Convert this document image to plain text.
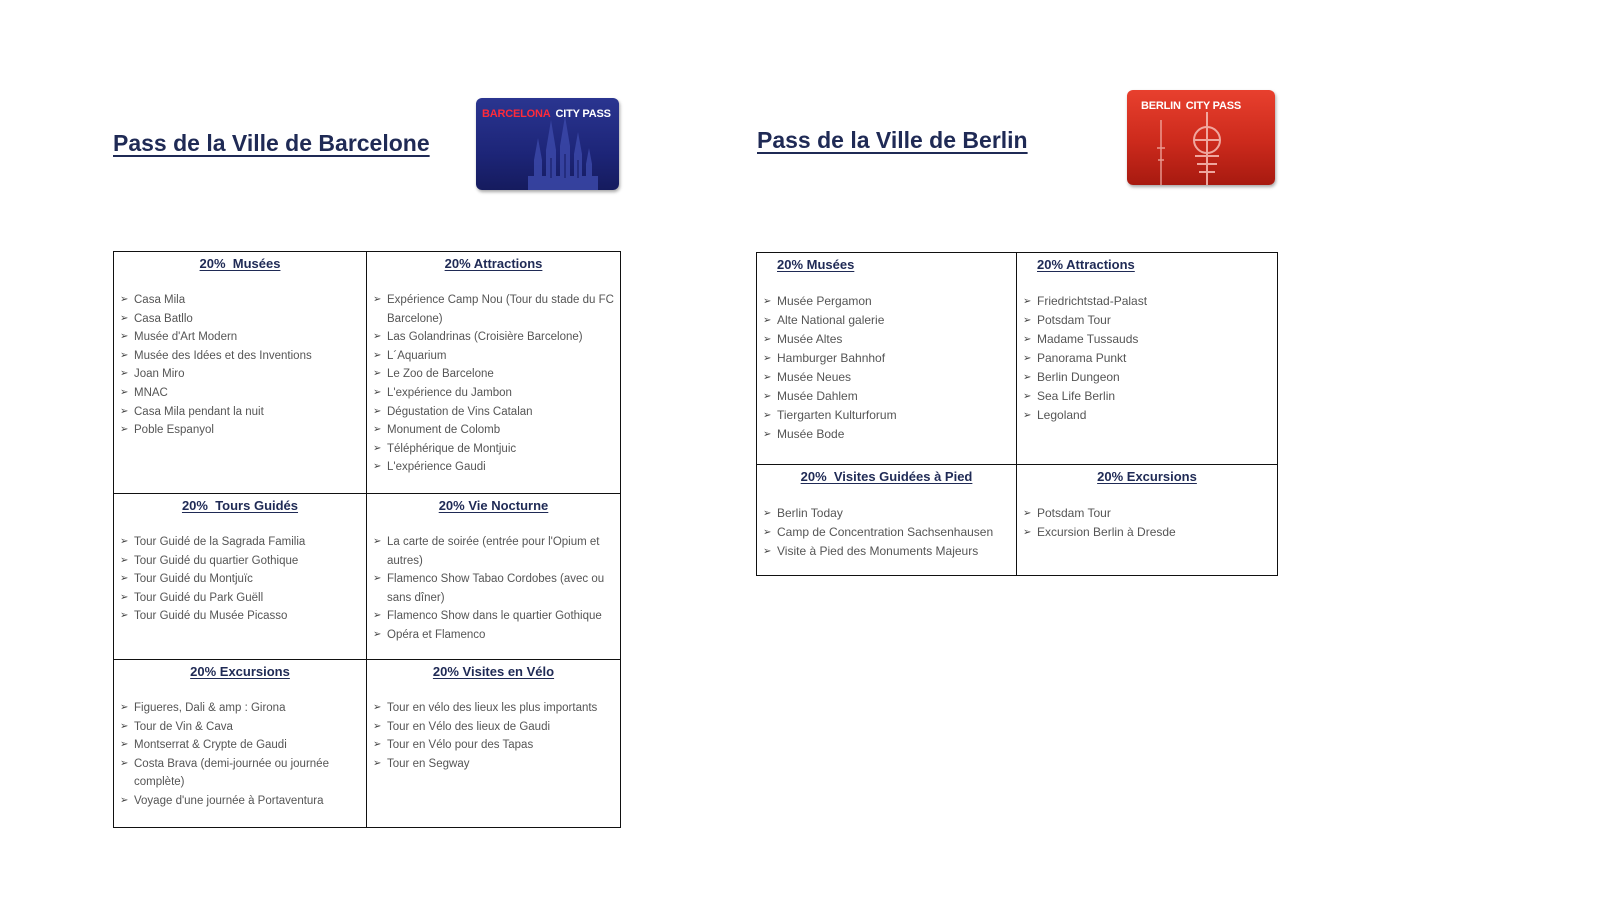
Pass de la Ville de Barcelone
BARCELONA CITY PASS
20%  Musées
➢ Casa Mila
➢ Casa Batllo
➢ Musée d'Art Modern
➢ Musée des Idées et des Inventions
➢ Joan Miro
➢ MNAC
➢ Casa Mila pendant la nuit
➢ Poble Espanyol
20% Attractions
➢ Expérience Camp Nou (Tour du stade du FC Barcelone)
➢ Las Golandrinas (Croisière Barcelone)
➢ L´Aquarium
➢ Le Zoo de Barcelone
➢ L'expérience du Jambon
➢ Dégustation de Vins Catalan
➢ Monument de Colomb
➢ Téléphérique de Montjuic
➢ L'expérience Gaudi
20%  Tours Guidés
➢ Tour Guidé de la Sagrada Familia
➢ Tour Guidé du quartier Gothique
➢ Tour Guidé du Montjuïc
➢ Tour Guidé du Park Guëll
➢ Tour Guidé du Musée Picasso
20% Vie Nocturne
➢ La carte de soirée (entrée pour l'Opium et autres)
➢ Flamenco Show Tabao Cordobes (avec ou sans dîner)
➢ Flamenco Show dans le quartier Gothique
➢ Opéra et Flamenco
20% Excursions
➢ Figueres, Dali & amp : Girona
➢ Tour de Vin & Cava
➢ Montserrat & Crypte de Gaudi
➢ Costa Brava (demi-journée ou journée complète)
➢ Voyage d'une journée à Portaventura
20% Visites en Vélo
➢ Tour en vélo des lieux les plus importants
➢ Tour en Vélo des lieux de Gaudi
➢ Tour en Vélo pour des Tapas
➢ Tour en Segway
Pass de la Ville de Berlin
BERLIN CITY PASS
20% Musées
➢ Musée Pergamon
➢ Alte National galerie
➢ Musée Altes
➢ Hamburger Bahnhof
➢ Musée Neues
➢ Musée Dahlem
➢ Tiergarten Kulturforum
➢ Musée Bode
20% Attractions
➢ Friedrichtstad-Palast
➢ Potsdam Tour
➢ Madame Tussauds
➢ Panorama Punkt
➢ Berlin Dungeon
➢ Sea Life Berlin
➢ Legoland
20%  Visites Guidées à Pied
➢ Berlin Today
➢ Camp de Concentration Sachsenhausen
➢ Visite à Pied des Monuments Majeurs
20% Excursions
➢ Potsdam Tour
➢ Excursion Berlin à Dresde
